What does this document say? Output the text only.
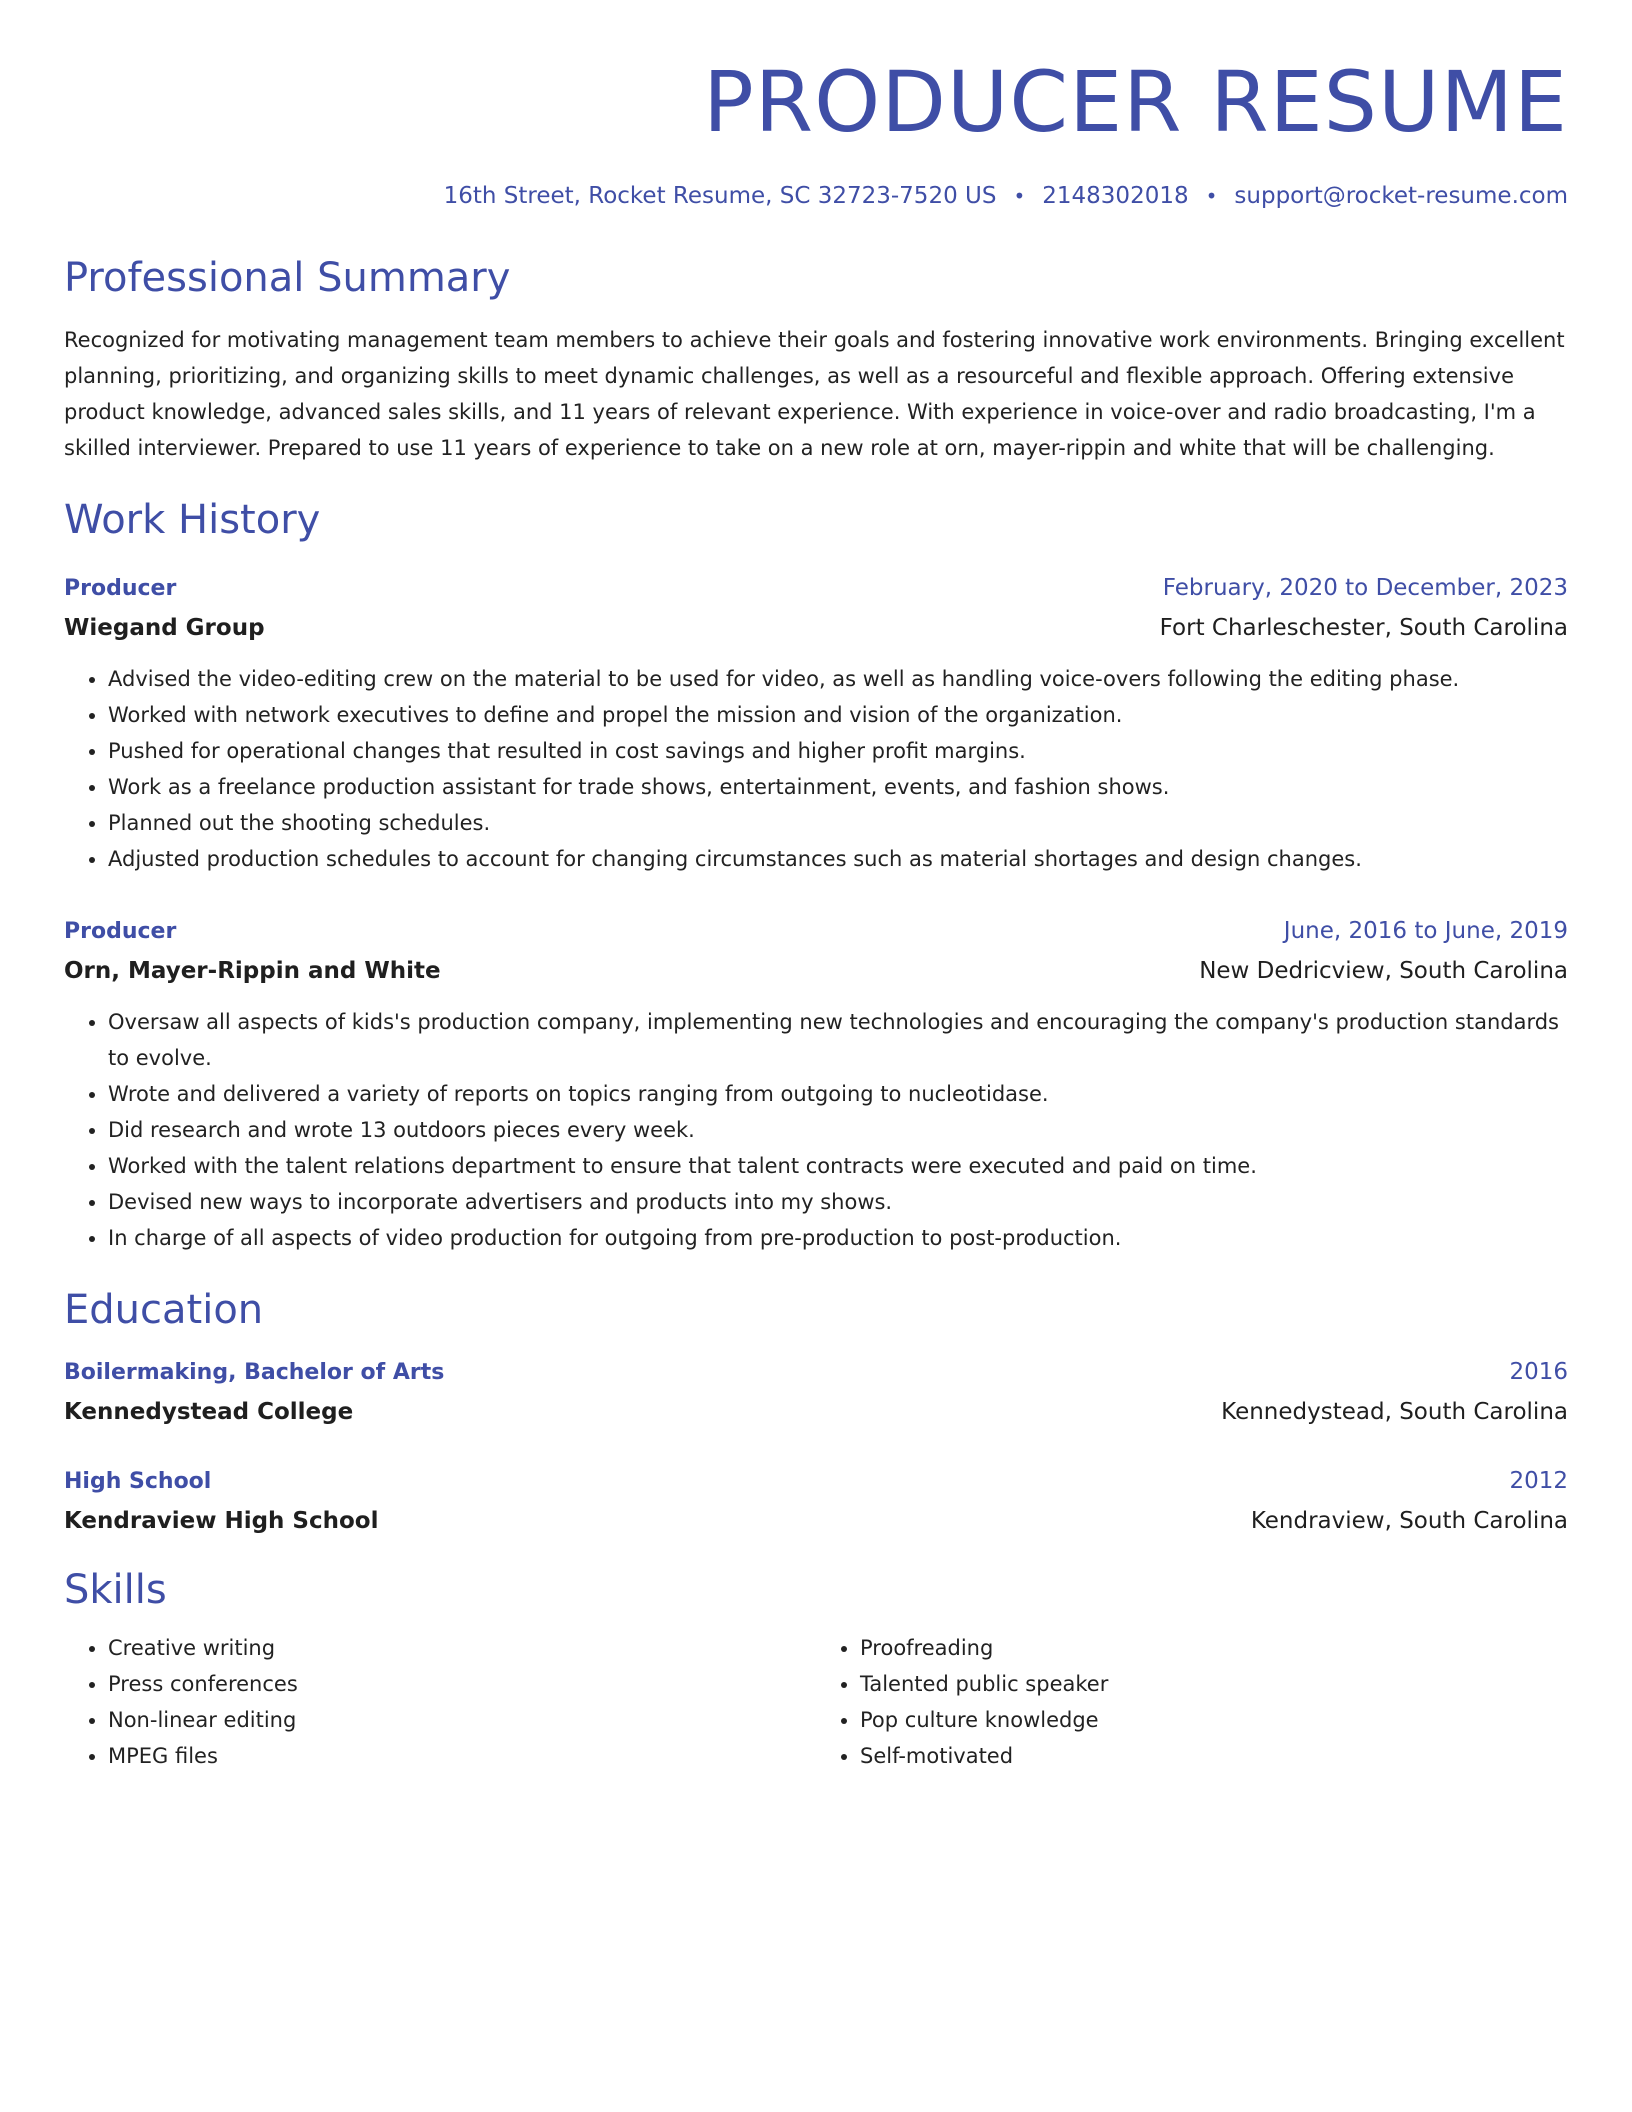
PRODUCER RESUME
16th Street, Rocket Resume, SC 32723-7520 US • 2148302018 • support@rocket-resume.com
Professional Summary
Recognized for motivating management team members to achieve their goals and fostering innovative work environments. Bringing excellent planning, prioritizing, and organizing skills to meet dynamic challenges, as well as a resourceful and flexible approach. Offering extensive product knowledge, advanced sales skills, and 11 years of relevant experience. With experience in voice-over and radio broadcasting, I'm a skilled interviewer. Prepared to use 11 years of experience to take on a new role at orn, mayer-rippin and white that will be challenging.
Work History
Producer	February, 2020 to December, 2023
Wiegand Group	Fort Charleschester, South Carolina
• Advised the video-editing crew on the material to be used for video, as well as handling voice-overs following the editing phase.
• Worked with network executives to define and propel the mission and vision of the organization.
• Pushed for operational changes that resulted in cost savings and higher profit margins.
• Work as a freelance production assistant for trade shows, entertainment, events, and fashion shows.
• Planned out the shooting schedules.
• Adjusted production schedules to account for changing circumstances such as material shortages and design changes.
Producer	June, 2016 to June, 2019
Orn, Mayer-Rippin and White	New Dedricview, South Carolina
• Oversaw all aspects of kids's production company, implementing new technologies and encouraging the company's production standards to evolve.
• Wrote and delivered a variety of reports on topics ranging from outgoing to nucleotidase.
• Did research and wrote 13 outdoors pieces every week.
• Worked with the talent relations department to ensure that talent contracts were executed and paid on time.
• Devised new ways to incorporate advertisers and products into my shows.
• In charge of all aspects of video production for outgoing from pre-production to post-production.
Education
Boilermaking, Bachelor of Arts	2016
Kennedystead College	Kennedystead, South Carolina
High School	2012
Kendraview High School	Kendraview, South Carolina
Skills
• Creative writing
• Press conferences
• Non-linear editing
• MPEG files
• Proofreading
• Talented public speaker
• Pop culture knowledge
• Self-motivated
